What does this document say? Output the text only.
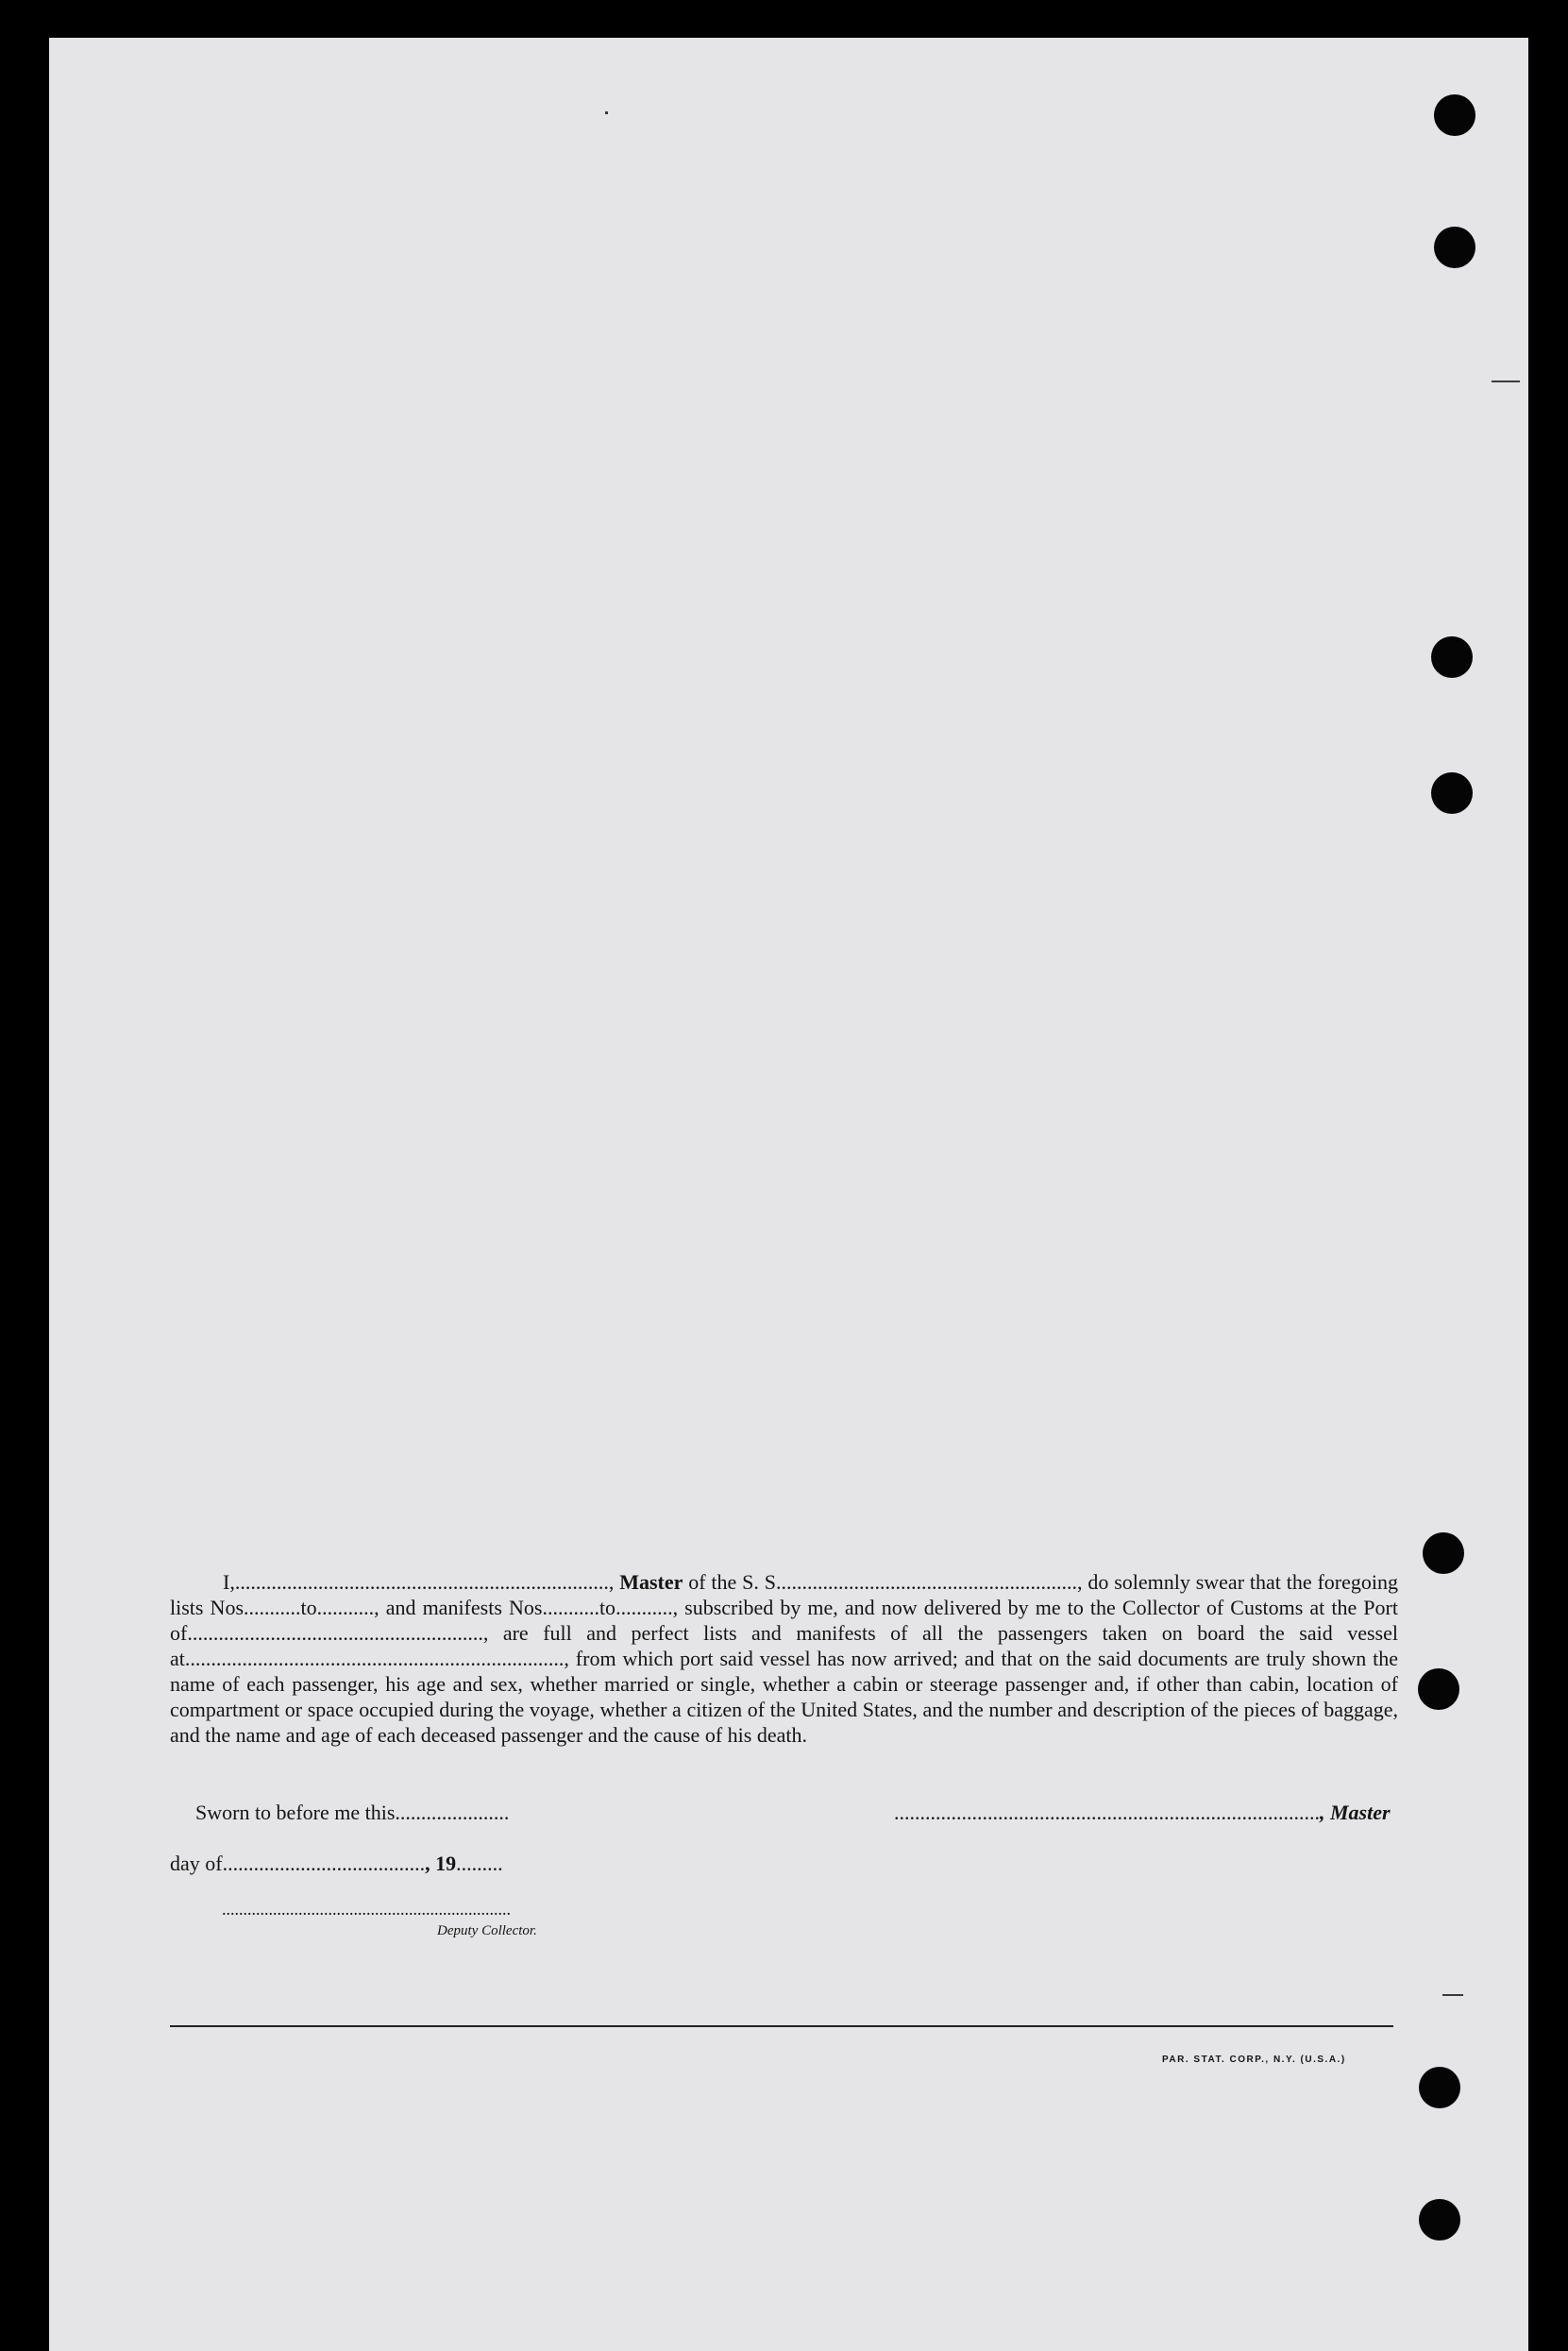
I,........................................................................, Master of the S. S.........................................................., do solemnly swear that the foregoing lists Nos...........to..........., and manifests Nos...........to..........., subscribed by me, and now delivered by me to the Collector of Customs at the Port of........................................................., are full and perfect lists and manifests of all the passengers taken on board the said vessel at........................................................................., from which port said vessel has now arrived; and that on the said documents are truly shown the name of each passenger, his age and sex, whether married or single, whether a cabin or steerage passenger and, if other than cabin, location of compartment or space occupied during the voyage, whether a citizen of the United States, and the number and description of the pieces of baggage, and the name and age of each deceased passenger and the cause of his death.
Sworn to before me this......................	.................................................................................., Master
day of......................................., 19.........
....................................................................
Deputy Collector.
PAR. STAT. CORP., N.Y. (U.S.A.)
